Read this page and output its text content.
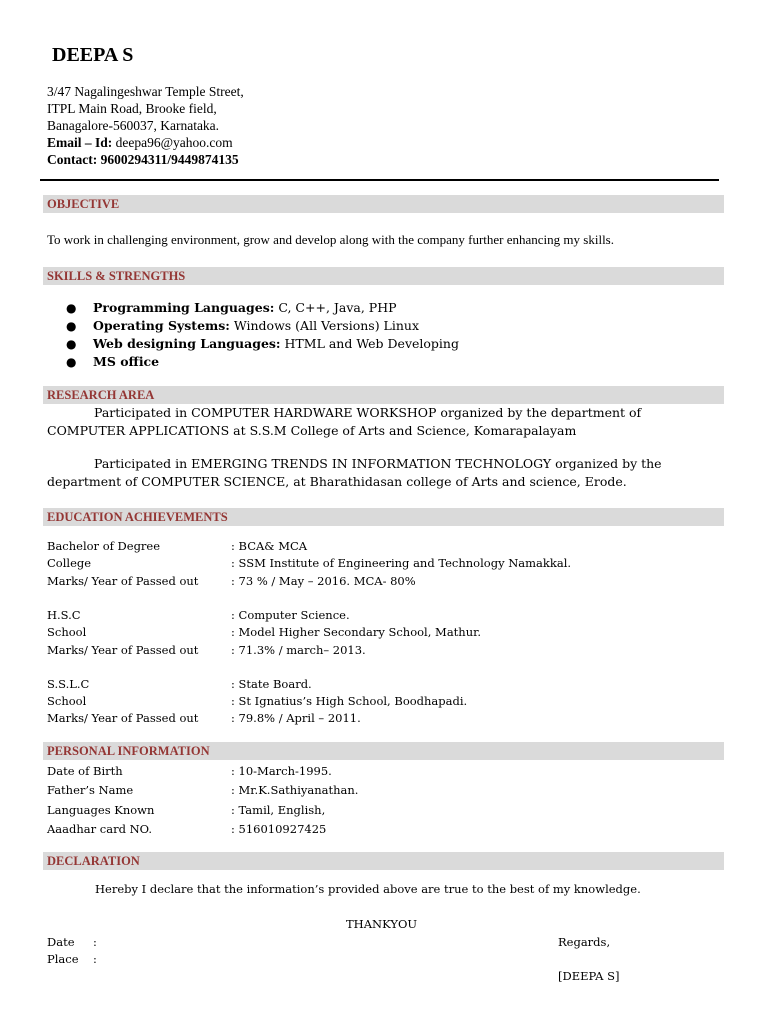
DEEPA S
3/47 Nagalingeshwar Temple Street,
ITPL Main Road, Brooke field,
Banagalore-560037, Karnataka.
Email – Id: deepa96@yahoo.com
Contact: 9600294311/9449874135
OBJECTIVE
To work in challenging environment, grow and develop along with the company further enhancing my skills.
SKILLS & STRENGTHS
● Programming Languages: C, C++, Java, PHP
● Operating Systems: Windows (All Versions) Linux
● Web designing Languages: HTML and Web Developing
● MS office
RESEARCH AREA
Participated in COMPUTER HARDWARE WORKSHOP organized by the department of COMPUTER APPLICATIONS at S.S.M College of Arts and Science, Komarapalayam
Participated in EMERGING TRENDS IN INFORMATION TECHNOLOGY organized by the department of COMPUTER SCIENCE, at Bharathidasan college of Arts and science, Erode.
EDUCATION ACHIEVEMENTS
Bachelor of Degree	: BCA& MCA
College	: SSM Institute of Engineering and Technology Namakkal.
Marks/ Year of Passed out	: 73 % / May – 2016. MCA- 80%
H.S.C	: Computer Science.
School	: Model Higher Secondary School, Mathur.
Marks/ Year of Passed out	: 71.3% / march– 2013.
S.S.L.C	: State Board.
School	: St Ignatius’s High School, Boodhapadi.
Marks/ Year of Passed out	: 79.8% / April – 2011.
PERSONAL INFORMATION
Date of Birth	: 10-March-1995.
Father’s Name	: Mr.K.Sathiyanathan.
Languages Known	: Tamil, English,
Aaadhar card NO.	: 516010927425
DECLARATION
Hereby I declare that the information’s provided above are true to the best of my knowledge.
THANKYOU
Date :
Place :
Regards,
[DEEPA S]
